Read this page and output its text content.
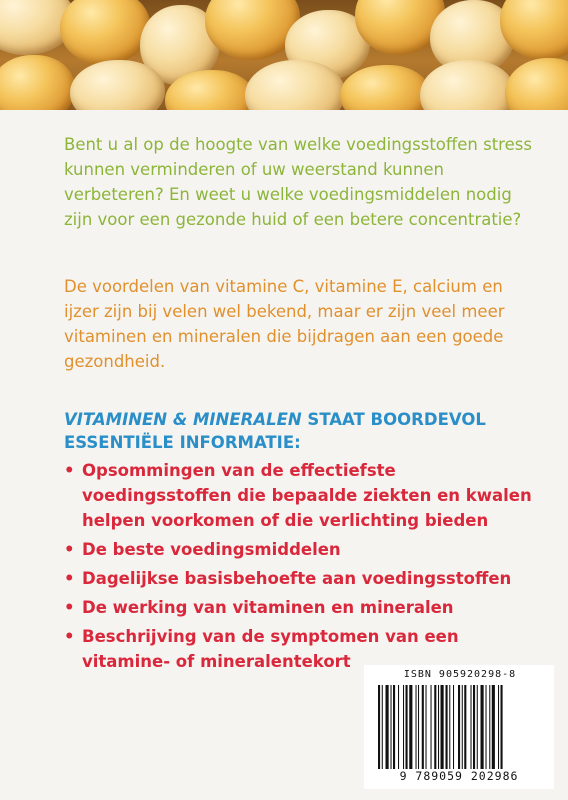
Bent u al op de hoogte van welke voedingsstoffen stress kunnen verminderen of uw weerstand kunnen verbeteren? En weet u welke voedingsmiddelen nodig zijn voor een gezonde huid of een betere concentratie?

De voordelen van vitamine C, vitamine E, calcium en ijzer zijn bij velen wel bekend, maar er zijn veel meer vitaminen en mineralen die bijdragen aan een goede gezondheid.

VITAMINEN & MINERALEN STAAT BOORDEVOL ESSENTIËLE INFORMATIE:

• Opsommingen van de effectiefste voedingsstoffen die bepaalde ziekten en kwalen helpen voorkomen of die verlichting bieden
• De beste voedingsmiddelen
• Dagelijkse basisbehoefte aan voedingsstoffen
• De werking van vitaminen en mineralen
• Beschrijving van de symptomen van een vitamine- of mineralentekort
ISBN 905920298-8
9 789059 202986
